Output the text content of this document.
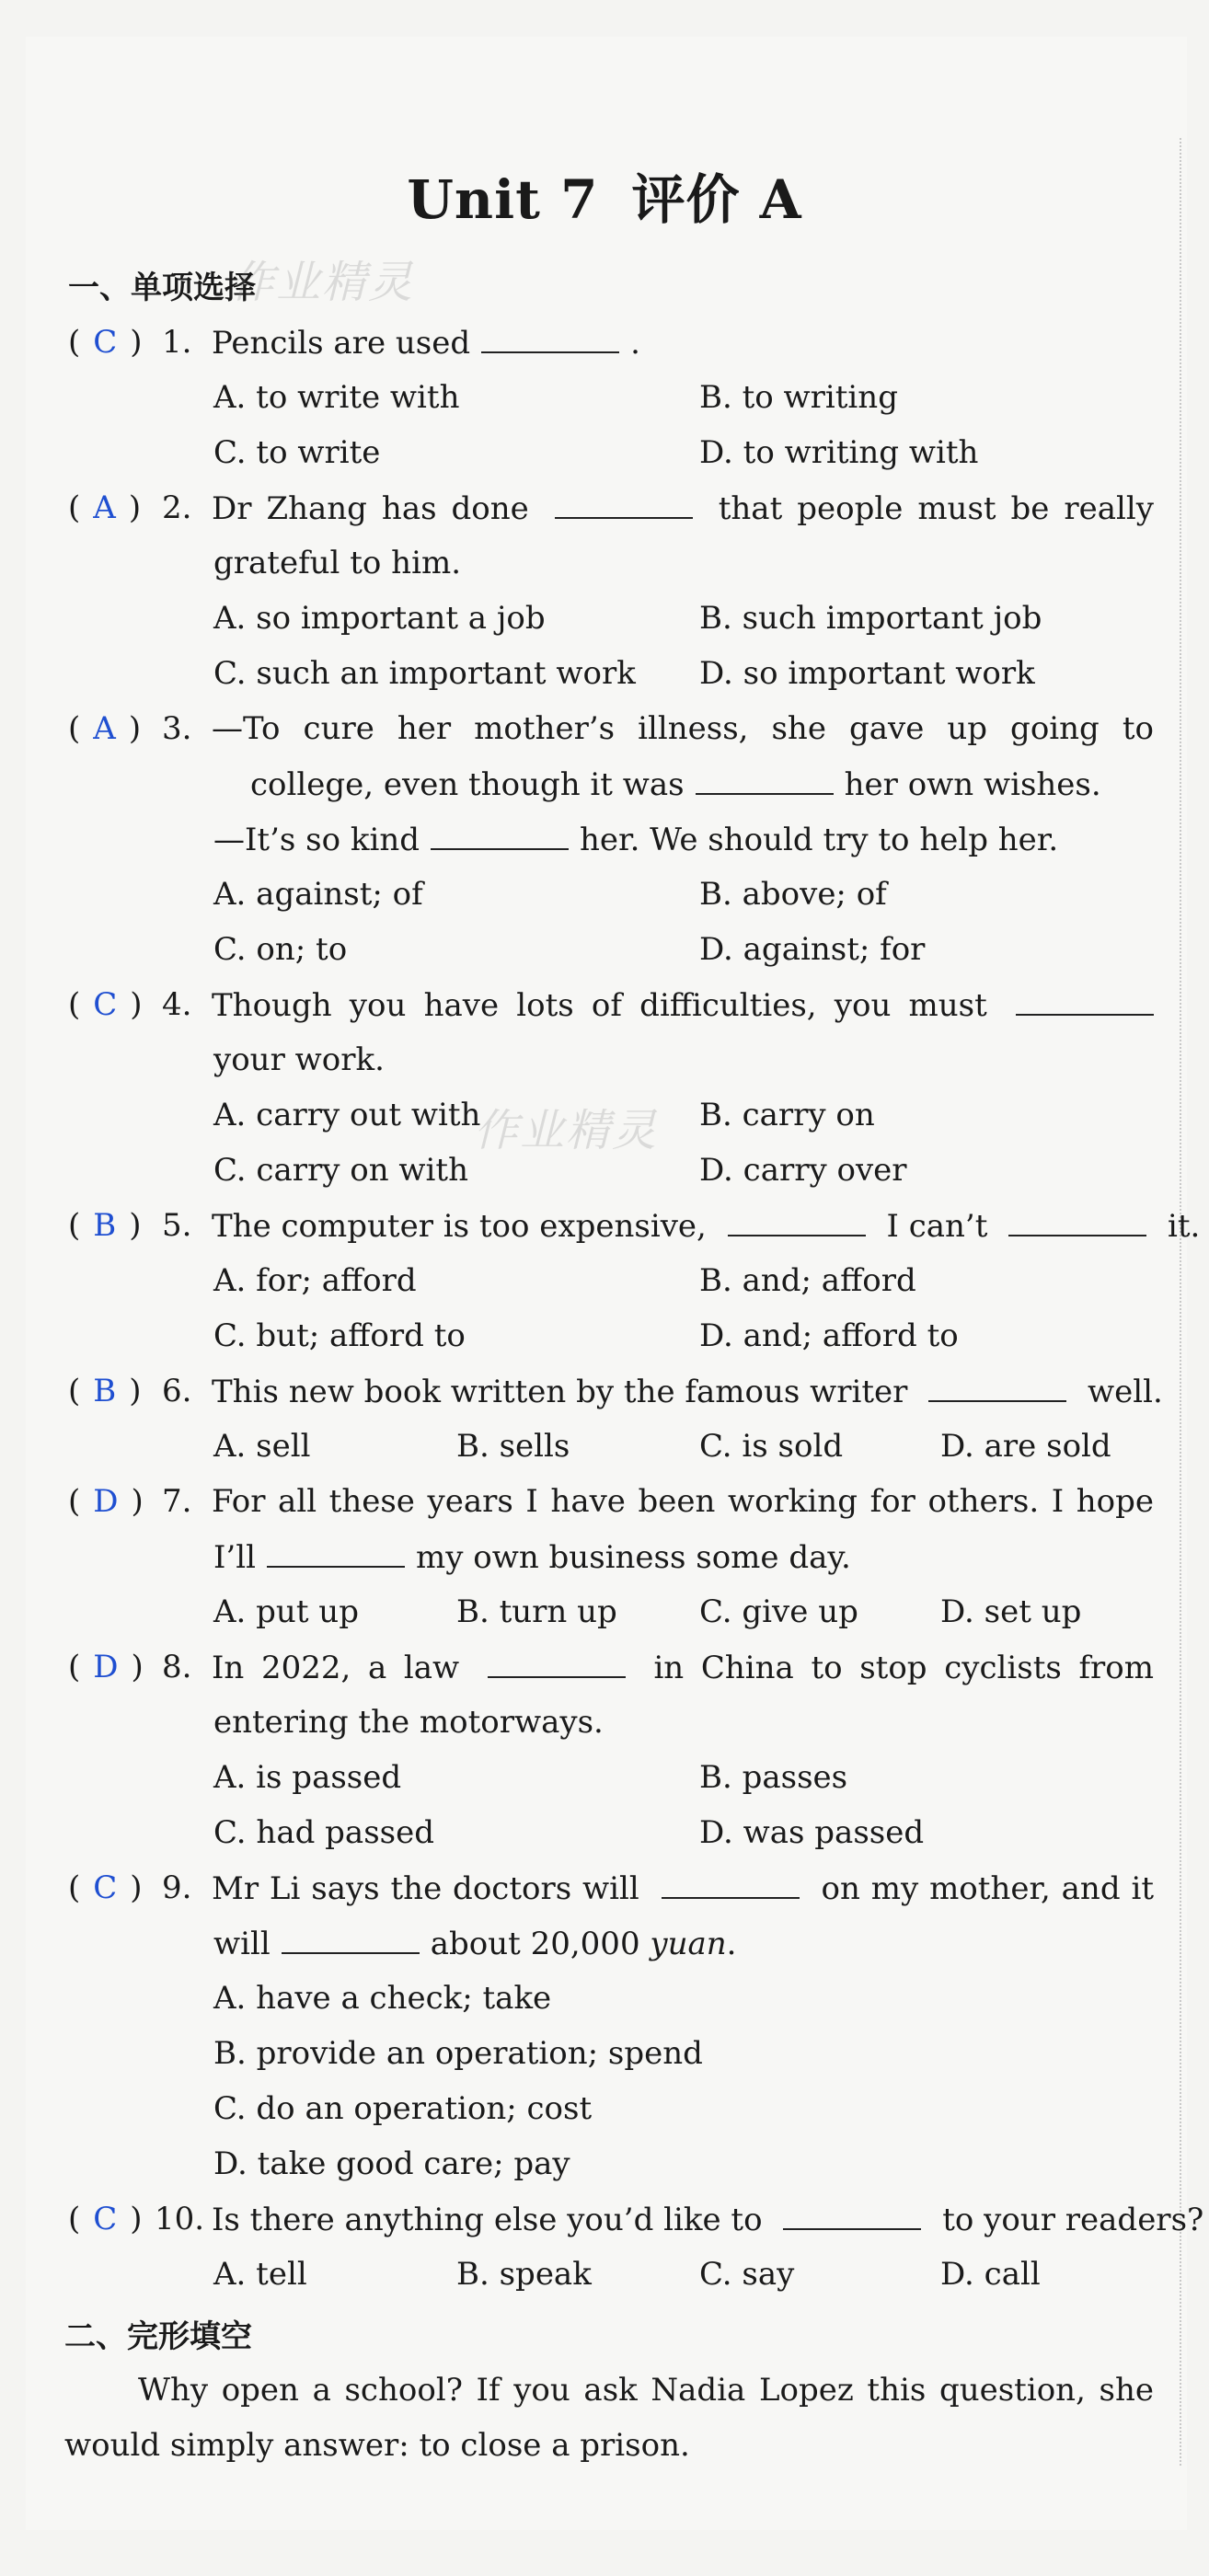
Unit 7 评价 A
一、单项选择
作业精灵
作业精灵
( C ) 1. Pencils are used	.
A. to write with	B. to writing
C. to write	D. to writing with
( A ) 2. Dr Zhang has done	that people must be really
grateful to him.
A. so important a job	B. such important job
C. such an important work D. so important work
( A ) 3. —To cure her mother’s illness, she gave up going to
college, even though it was	her own wishes.
—It’s so kind	her. We should try to help her.
A. against; of	B. above; of
C. on; to	D. against; for
( C ) 4. Though you have lots of difficulties, you must
your work.
A. carry out with	B. carry on
C. carry on with	D. carry over
( B ) 5. The computer is too expensive,	I can’t	it.
A. for; afford	B. and; afford
C. but; afford to	D. and; afford to
( B ) 6. This new book written by the famous writer	well.
A. sell	B. sells	C. is sold	D. are sold
( D ) 7. For all these years I have been working for others. I hope
I’ll	my own business some day.
A. put up	B. turn up	C. give up	D. set up
( D ) 8. In 2022, a law	in China to stop cyclists from
entering the motorways.
A. is passed	B. passes
C. had passed	D. was passed
( C ) 9. Mr Li says the doctors will	on my mother, and it
will	about 20,000 yuan.
A. have a check; take
B. provide an operation; spend
C. do an operation; cost
D. take good care; pay
( C ) 10. Is there anything else you’d like to	to your readers?
A. tell	B. speak	C. say	D. call
二、完形填空
Why open a school? If you ask Nadia Lopez this question, she
would simply answer: to close a prison.
